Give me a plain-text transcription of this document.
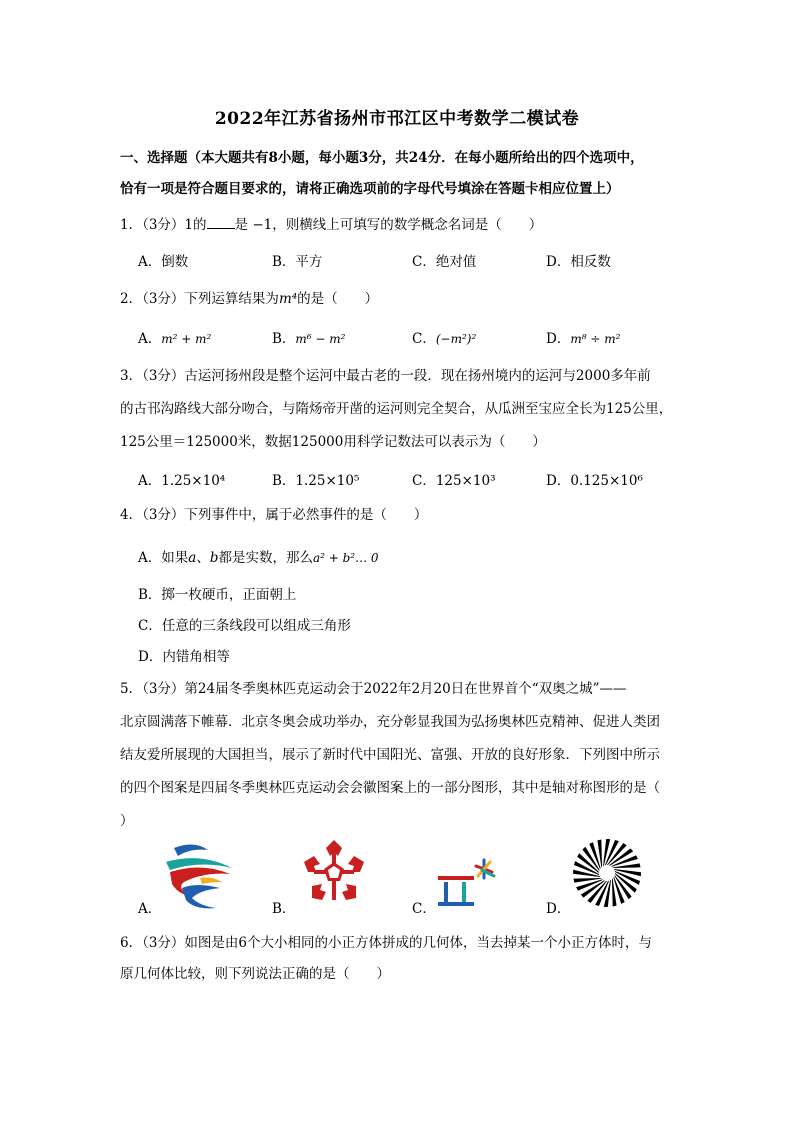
2022年江苏省扬州市邗江区中考数学二模试卷
一、选择题（本大题共有8小题，每小题3分，共24分．在每小题所给出的四个选项中，
恰有一项是符合题目要求的，请将正确选项前的字母代号填涂在答题卡相应位置上）
1．（3分）1的 是 −1，则横线上可填写的数学概念名词是（　　）
A．倒数	B．平方	C．绝对值	D．相反数
2．（3分）下列运算结果为m⁴的是（　　）
A．m² + m²	B．m⁶ − m²	C．(−m²)²	D．m⁸ ÷ m²
3．（3分）古运河扬州段是整个运河中最古老的一段．现在扬州境内的运河与2000多年前
的古邗沟路线大部分吻合，与隋炀帝开凿的运河则完全契合，从瓜洲至宝应全长为125公里，
125公里＝125000米，数据125000用科学记数法可以表示为（　　）
A．1.25×10⁴	B．1.25×10⁵	C．125×10³	D．0.125×10⁶
4．（3分）下列事件中，属于必然事件的是（　　）
A．如果a、b都是实数，那么a² + b²… 0
B．掷一枚硬币，正面朝上
C．任意的三条线段可以组成三角形
D．内错角相等
5．（3分）第24届冬季奥林匹克运动会于2022年2月20日在世界首个“双奥之城”——
北京圆满落下帷幕．北京冬奥会成功举办，充分彰显我国为弘扬奥林匹克精神、促进人类团
结友爱所展现的大国担当，展示了新时代中国阳光、富强、开放的良好形象．下列图中所示
的四个图案是四届冬季奥林匹克运动会会徽图案上的一部分图形，其中是轴对称图形的是（
）
A．	B．	C．	D．
6．（3分）如图是由6个大小相同的小正方体拼成的几何体，当去掉某一个小正方体时，与
原几何体比较，则下列说法正确的是（　　）
